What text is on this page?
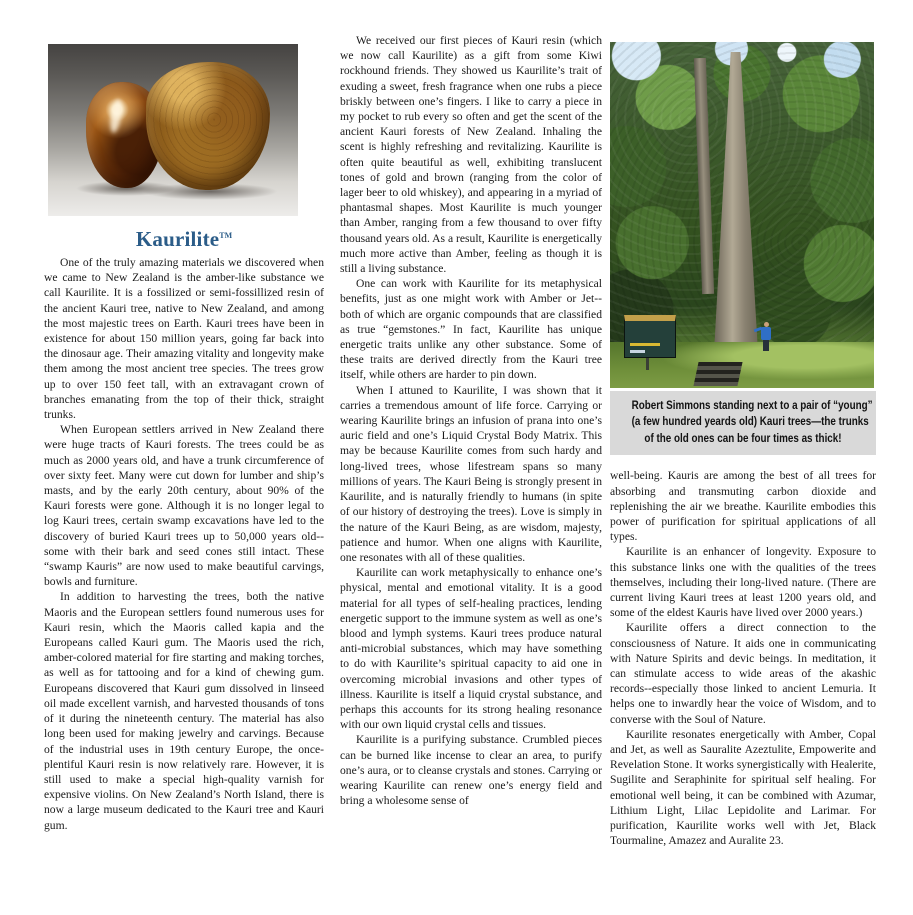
Kaurilite™

One of the truly amazing materials we discovered when we came to New Zealand is the amber-like substance we call Kaurilite. It is a fossilized or semi-fossillized resin of the ancient Kauri tree, native to New Zealand, and among the most majestic trees on Earth. Kauri trees have been in existence for about 150 million years, going far back into the dinosaur age. Their amazing vitality and longevity make them among the most ancient tree species. The trees grow up to over 150 feet tall, with an extravagant crown of branches emanating from the top of their thick, straight trunks.

When European settlers arrived in New Zealand there were huge tracts of Kauri forests. The trees could be as much as 2000 years old, and have a trunk circumference of over sixty feet. Many were cut down for lumber and ship’s masts, and by the early 20th century, about 90% of the Kauri forests were gone. Although it is no longer legal to log Kauri trees, certain swamp excavations have led to the discovery of buried Kauri trees up to 50,000 years old--some with their bark and seed cones still intact. These “swamp Kauris” are now used to make beautiful carvings, bowls and furniture.

In addition to harvesting the trees, both the native Maoris and the European settlers found numerous uses for Kauri resin, which the Maoris called kapia and the Europeans called Kauri gum. The Maoris used the rich, amber-colored material for fire starting and making torches, as well as for tattooing and for a kind of chewing gum. Europeans discovered that Kauri gum dissolved in linseed oil made excellent varnish, and harvested thousands of tons of it during the nineteenth century. The material has also long been used for making jewelry and carvings. Because of the industrial uses in 19th century Europe, the once-plentiful Kauri resin is now relatively rare. However, it is still used to make a special high-quality varnish for expensive violins. On New Zealand’s North Island, there is now a large museum dedicated to the Kauri tree and Kauri gum.

We received our first pieces of Kauri resin (which we now call Kaurilite) as a gift from some Kiwi rockhound friends. They showed us Kaurilite’s trait of exuding a sweet, fresh fragrance when one rubs a piece briskly between one’s fingers. I like to carry a piece in my pocket to rub every so often and get the scent of the ancient Kauri forests of New Zealand. Inhaling the scent is highly refreshing and revitalizing. Kaurilite is often quite beautiful as well, exhibiting translucent tones of gold and brown (ranging from the color of lager beer to old whiskey), and appearing in a myriad of phantasmal shapes. Most Kaurilite is much younger than Amber, ranging from a few thousand to over fifty thousand years old. As a result, Kaurilite is energetically much more active than Amber, feeling as though it is still a living substance.

One can work with Kaurilite for its metaphysical benefits, just as one might work with Amber or Jet--both of which are organic compounds that are classified as true “gemstones.” In fact, Kaurilite has unique energetic traits unlike any other substance. Some of these traits are derived directly from the Kauri tree itself, while others are harder to pin down.

When I attuned to Kaurilite, I was shown that it carries a tremendous amount of life force. Carrying or wearing Kaurilite brings an infusion of prana into one’s auric field and one’s Liquid Crystal Body Matrix. This may be because Kaurilite comes from such hardy and long-lived trees, whose lifestream spans so many millions of years. The Kauri Being is strongly present in Kaurilite, and is naturally friendly to humans (in spite of our history of destroying the trees). Love is simply in the nature of the Kauri Being, as are wisdom, majesty, patience and humor. When one aligns with Kaurilite, one resonates with all of these qualities.

Kaurilite can work metaphysically to enhance one’s physical, mental and emotional vitality. It is a good material for all types of self-healing practices, lending energetic support to the immune system as well as one’s blood and lymph systems. Kauri trees produce natural anti-microbial substances, which may have something to do with Kaurilite’s spiritual capacity to aid one in overcoming microbial invasions and other types of illness. Kaurilite is itself a liquid crystal substance, and perhaps this accounts for its strong healing resonance with our own liquid crystal cells and tissues.

Kaurilite is a purifying substance. Crumbled pieces can be burned like incense to clear an area, to purify one’s aura, or to cleanse crystals and stones. Carrying or wearing Kaurilite can renew one’s energy field and bring a wholesome sense of

Robert Simmons standing next to a pair of “young”
(a few hundred yeards old) Kauri trees—the trunks
of the old ones can be four times as thick!

well-being. Kauris are among the best of all trees for absorbing and transmuting carbon dioxide and replenishing the air we breathe. Kaurilite embodies this power of purification for spiritual applications of all types.

Kaurilite is an enhancer of longevity. Exposure to this substance links one with the qualities of the trees themselves, including their long-lived nature. (There are current living Kauri trees at least 1200 years old, and some of the eldest Kauris have lived over 2000 years.)

Kaurilite offers a direct connection to the consciousness of Nature. It aids one in communicating with Nature Spirits and devic beings. In meditation, it can stimulate access to wide areas of the akashic records--especially those linked to ancient Lemuria. It helps one to inwardly hear the voice of Wisdom, and to converse with the Soul of Nature.

Kaurilite resonates energetically with Amber, Copal and Jet, as well as Sauralite Azeztulite, Empowerite and Revelation Stone. It works synergistically with Healerite, Sugilite and Seraphinite for spiritual self healing. For emotional well being, it can be combined with Azumar, Lithium Light, Lilac Lepidolite and Larimar. For purification, Kaurilite works well with Jet, Black Tourmaline, Amazez and Auralite 23.
